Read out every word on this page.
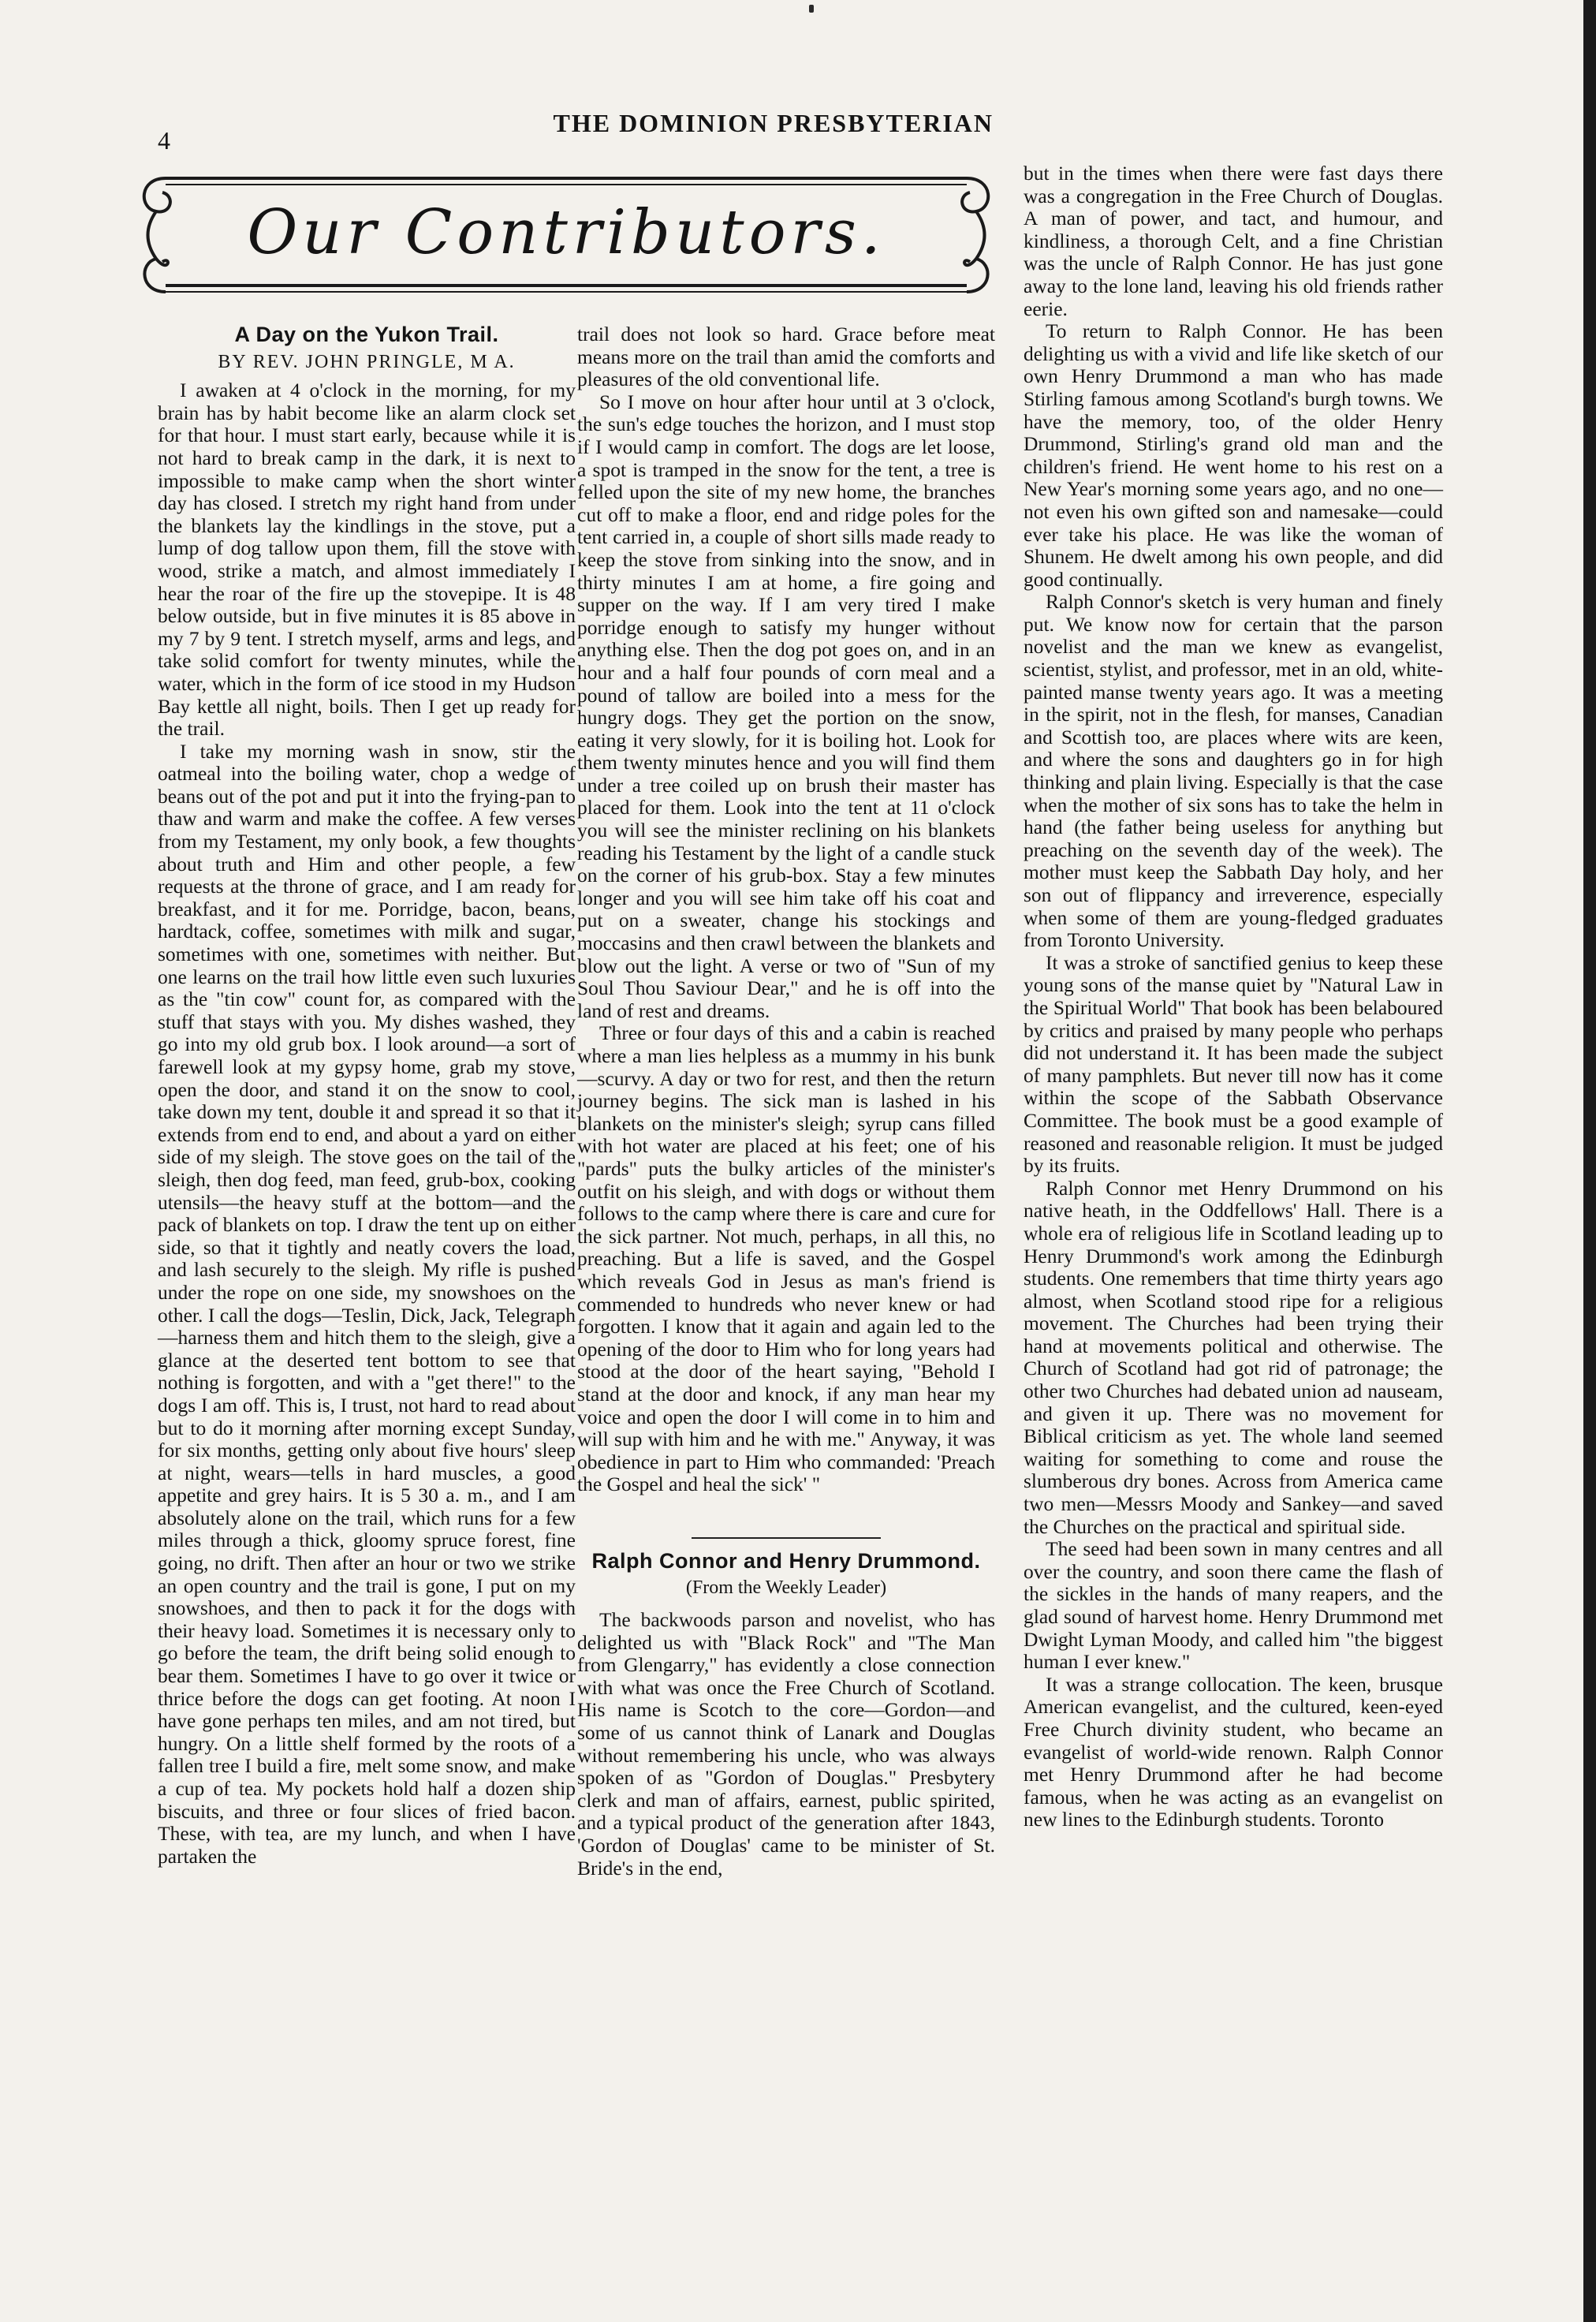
4
THE DOMINION PRESBYTERIAN
Our Contributors.
A Day on the Yukon Trail.

BY REV. JOHN PRINGLE, M A.

I awaken at 4 o'clock in the morning, for my brain has by habit become like an alarm clock set for that hour. I must start early, because while it is not hard to break camp in the dark, it is next to impossible to make camp when the short winter day has closed. I stretch my right hand from under the blankets lay the kindlings in the stove, put a lump of dog tallow upon them, fill the stove with wood, strike a match, and almost immediately I hear the roar of the fire up the stovepipe. It is 48 below outside, but in five minutes it is 85 above in my 7 by 9 tent. I stretch myself, arms and legs, and take solid comfort for twenty minutes, while the water, which in the form of ice stood in my Hudson Bay kettle all night, boils. Then I get up ready for the trail.

I take my morning wash in snow, stir the oatmeal into the boiling water, chop a wedge of beans out of the pot and put it into the frying-pan to thaw and warm and make the coffee. A few verses from my Testament, my only book, a few thoughts about truth and Him and other people, a few requests at the throne of grace, and I am ready for breakfast, and it for me. Porridge, bacon, beans, hardtack, coffee, sometimes with milk and sugar, sometimes with one, sometimes with neither. But one learns on the trail how little even such luxuries as the "tin cow" count for, as compared with the stuff that stays with you. My dishes washed, they go into my old grub box. I look around—a sort of farewell look at my gypsy home, grab my stove, open the door, and stand it on the snow to cool, take down my tent, double it and spread it so that it extends from end to end, and about a yard on either side of my sleigh. The stove goes on the tail of the sleigh, then dog feed, man feed, grub-box, cooking utensils—the heavy stuff at the bottom—and the pack of blankets on top. I draw the tent up on either side, so that it tightly and neatly covers the load, and lash securely to the sleigh. My rifle is pushed under the rope on one side, my snowshoes on the other. I call the dogs—Teslin, Dick, Jack, Telegraph—harness them and hitch them to the sleigh, give a glance at the deserted tent bottom to see that nothing is forgotten, and with a "get there!" to the dogs I am off. This is, I trust, not hard to read about but to do it morning after morning except Sunday, for six months, getting only about five hours' sleep at night, wears—tells in hard muscles, a good appetite and grey hairs. It is 5 30 a. m., and I am absolutely alone on the trail, which runs for a few miles through a thick, gloomy spruce forest, fine going, no drift. Then after an hour or two we strike an open country and the trail is gone, I put on my snowshoes, and then to pack it for the dogs with their heavy load. Sometimes it is necessary only to go before the team, the drift being solid enough to bear them. Sometimes I have to go over it twice or thrice before the dogs can get footing. At noon I have gone perhaps ten miles, and am not tired, but hungry. On a little shelf formed by the roots of a fallen tree I build a fire, melt some snow, and make a cup of tea. My pockets hold half a dozen ship biscuits, and three or four slices of fried bacon. These, with tea, are my lunch, and when I have partaken the

trail does not look so hard. Grace before meat means more on the trail than amid the comforts and pleasures of the old conventional life.

So I move on hour after hour until at 3 o'clock, the sun's edge touches the horizon, and I must stop if I would camp in comfort. The dogs are let loose, a spot is tramped in the snow for the tent, a tree is felled upon the site of my new home, the branches cut off to make a floor, end and ridge poles for the tent carried in, a couple of short sills made ready to keep the stove from sinking into the snow, and in thirty minutes I am at home, a fire going and supper on the way. If I am very tired I make porridge enough to satisfy my hunger without anything else. Then the dog pot goes on, and in an hour and a half four pounds of corn meal and a pound of tallow are boiled into a mess for the hungry dogs. They get the portion on the snow, eating it very slowly, for it is boiling hot. Look for them twenty minutes hence and you will find them under a tree coiled up on brush their master has placed for them. Look into the tent at 11 o'clock you will see the minister reclining on his blankets reading his Testament by the light of a candle stuck on the corner of his grub-box. Stay a few minutes longer and you will see him take off his coat and put on a sweater, change his stockings and moccasins and then crawl between the blankets and blow out the light. A verse or two of "Sun of my Soul Thou Saviour Dear," and he is off into the land of rest and dreams.

Three or four days of this and a cabin is reached where a man lies helpless as a mummy in his bunk—scurvy. A day or two for rest, and then the return journey begins. The sick man is lashed in his blankets on the minister's sleigh; syrup cans filled with hot water are placed at his feet; one of his "pards" puts the bulky articles of the minister's outfit on his sleigh, and with dogs or without them follows to the camp where there is care and cure for the sick partner. Not much, perhaps, in all this, no preaching. But a life is saved, and the Gospel which reveals God in Jesus as man's friend is commended to hundreds who never knew or had forgotten. I know that it again and again led to the opening of the door to Him who for long years had stood at the door of the heart saying, "Behold I stand at the door and knock, if any man hear my voice and open the door I will come in to him and will sup with him and he with me." Anyway, it was obedience in part to Him who commanded: 'Preach the Gospel and heal the sick' "

Ralph Connor and Henry Drummond.

(From the Weekly Leader)

The backwoods parson and novelist, who has delighted us with "Black Rock" and "The Man from Glengarry," has evidently a close connection with what was once the Free Church of Scotland. His name is Scotch to the core—Gordon—and some of us cannot think of Lanark and Douglas without remembering his uncle, who was always spoken of as "Gordon of Douglas." Presbytery clerk and man of affairs, earnest, public spirited, and a typical product of the generation after 1843, 'Gordon of Douglas' came to be minister of St. Bride's in the end,

but in the times when there were fast days there was a congregation in the Free Church of Douglas. A man of power, and tact, and humour, and kindliness, a thorough Celt, and a fine Christian was the uncle of Ralph Connor. He has just gone away to the lone land, leaving his old friends rather eerie.

To return to Ralph Connor. He has been delighting us with a vivid and life like sketch of our own Henry Drummond a man who has made Stirling famous among Scotland's burgh towns. We have the memory, too, of the older Henry Drummond, Stirling's grand old man and the children's friend. He went home to his rest on a New Year's morning some years ago, and no one—not even his own gifted son and namesake—could ever take his place. He was like the woman of Shunem. He dwelt among his own people, and did good continually.

Ralph Connor's sketch is very human and finely put. We know now for certain that the parson novelist and the man we knew as evangelist, scientist, stylist, and professor, met in an old, white-painted manse twenty years ago. It was a meeting in the spirit, not in the flesh, for manses, Canadian and Scottish too, are places where wits are keen, and where the sons and daughters go in for high thinking and plain living. Especially is that the case when the mother of six sons has to take the helm in hand (the father being useless for anything but preaching on the seventh day of the week). The mother must keep the Sabbath Day holy, and her son out of flippancy and irreverence, especially when some of them are young-fledged graduates from Toronto University.

It was a stroke of sanctified genius to keep these young sons of the manse quiet by "Natural Law in the Spiritual World" That book has been belaboured by critics and praised by many people who perhaps did not understand it. It has been made the subject of many pamphlets. But never till now has it come within the scope of the Sabbath Observance Committee. The book must be a good example of reasoned and reasonable religion. It must be judged by its fruits.

Ralph Connor met Henry Drummond on his native heath, in the Oddfellows' Hall. There is a whole era of religious life in Scotland leading up to Henry Drummond's work among the Edinburgh students. One remembers that time thirty years ago almost, when Scotland stood ripe for a religious movement. The Churches had been trying their hand at movements political and otherwise. The Church of Scotland had got rid of patronage; the other two Churches had debated union ad nauseam, and given it up. There was no movement for Biblical criticism as yet. The whole land seemed waiting for something to come and rouse the slumberous dry bones. Across from America came two men—Messrs Moody and Sankey—and saved the Churches on the practical and spiritual side.

The seed had been sown in many centres and all over the country, and soon there came the flash of the sickles in the hands of many reapers, and the glad sound of harvest home. Henry Drummond met Dwight Lyman Moody, and called him "the biggest human I ever knew."

It was a strange collocation. The keen, brusque American evangelist, and the cultured, keen-eyed Free Church divinity student, who became an evangelist of world-wide renown. Ralph Connor met Henry Drummond after he had become famous, when he was acting as an evangelist on new lines to the Edinburgh students. Toronto
